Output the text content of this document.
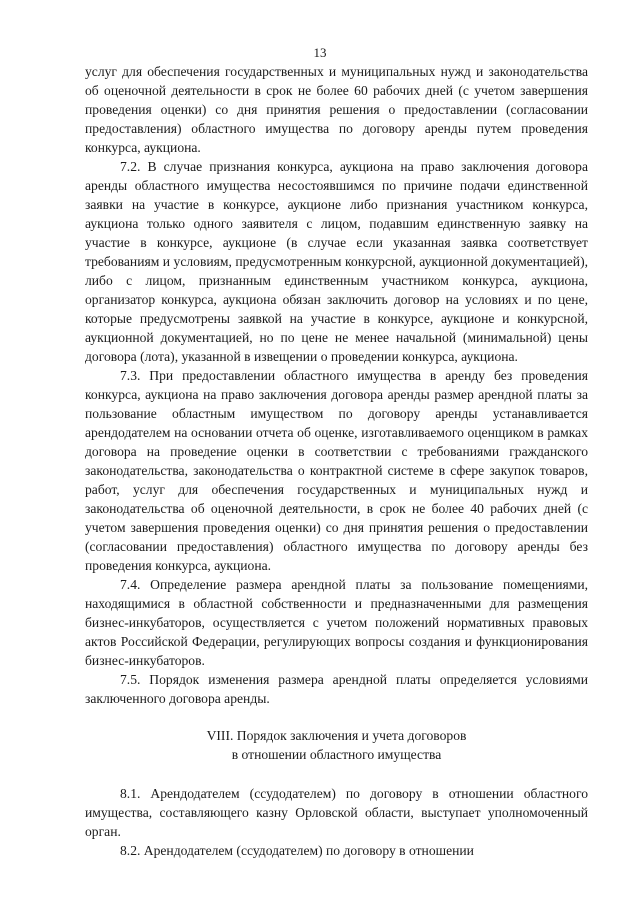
13

услуг для обеспечения государственных и муниципальных нужд и законодательства об оценочной деятельности в срок не более 60 рабочих дней (с учетом завершения проведения оценки) со дня принятия решения о предоставлении (согласовании предоставления) областного имущества по договору аренды путем проведения конкурса, аукциона.

7.2. В случае признания конкурса, аукциона на право заключения договора аренды областного имущества несостоявшимся по причине подачи единственной заявки на участие в конкурсе, аукционе либо признания участником конкурса, аукциона только одного заявителя с лицом, подавшим единственную заявку на участие в конкурсе, аукционе (в случае если указанная заявка соответствует требованиям и условиям, предусмотренным конкурсной, аукционной документацией), либо с лицом, признанным единственным участником конкурса, аукциона, организатор конкурса, аукциона обязан заключить договор на условиях и по цене, которые предусмотрены заявкой на участие в конкурсе, аукционе и конкурсной, аукционной документацией, но по цене не менее начальной (минимальной) цены договора (лота), указанной в извещении о проведении конкурса, аукциона.

7.3. При предоставлении областного имущества в аренду без проведения конкурса, аукциона на право заключения договора аренды размер арендной платы за пользование областным имуществом по договору аренды устанавливается арендодателем на основании отчета об оценке, изготавливаемого оценщиком в рамках договора на проведение оценки в соответствии с требованиями гражданского законодательства, законодательства о контрактной системе в сфере закупок товаров, работ, услуг для обеспечения государственных и муниципальных нужд и законодательства об оценочной деятельности, в срок не более 40 рабочих дней (с учетом завершения проведения оценки) со дня принятия решения о предоставлении (согласовании предоставления) областного имущества по договору аренды без проведения конкурса, аукциона.

7.4. Определение размера арендной платы за пользование помещениями, находящимися в областной собственности и предназначенными для размещения бизнес-инкубаторов, осуществляется с учетом положений нормативных правовых актов Российской Федерации, регулирующих вопросы создания и функционирования бизнес-инкубаторов.

7.5. Порядок изменения размера арендной платы определяется условиями заключенного договора аренды.

VIII. Порядок заключения и учета договоров
в отношении областного имущества

8.1. Арендодателем (ссудодателем) по договору в отношении областного имущества, составляющего казну Орловской области, выступает уполномоченный орган.

8.2. Арендодателем (ссудодателем) по договору в отношении
